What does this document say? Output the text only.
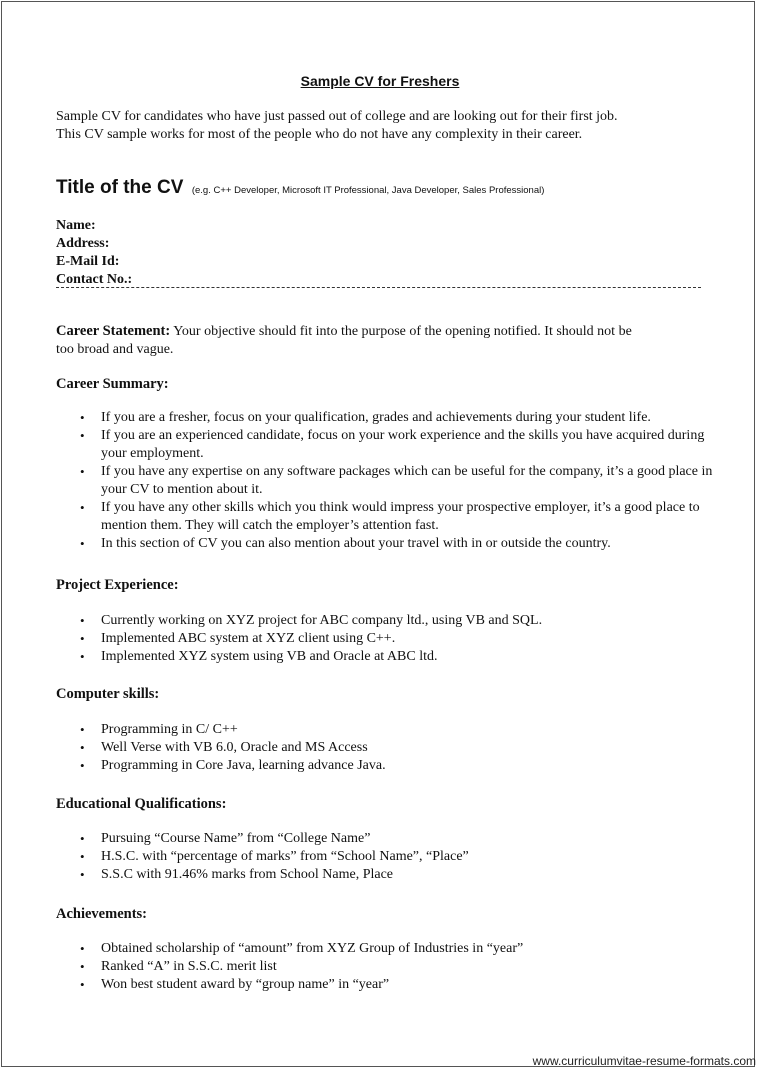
Sample CV for Freshers
Sample CV for candidates who have just passed out of college and are looking out for their first job.
This CV sample works for most of the people who do not have any complexity in their career.
Title of the CV (e.g. C++ Developer, Microsoft IT Professional, Java Developer, Sales Professional)
Name:
Address:
E-Mail Id:
Contact No.:
Career Statement: Your objective should fit into the purpose of the opening notified. It should not be
too broad and vague.
Career Summary:
• If you are a fresher, focus on your qualification, grades and achievements during your student life.
• If you are an experienced candidate, focus on your work experience and the skills you have acquired during your employment.
• If you have any expertise on any software packages which can be useful for the company, it’s a good place in your CV to mention about it.
• If you have any other skills which you think would impress your prospective employer, it’s a good place to mention them. They will catch the employer’s attention fast.
• In this section of CV you can also mention about your travel with in or outside the country.
Project Experience:
• Currently working on XYZ project for ABC company ltd., using VB and SQL.
• Implemented ABC system at XYZ client using C++.
• Implemented XYZ system using VB and Oracle at ABC ltd.
Computer skills:
• Programming in C/ C++
• Well Verse with VB 6.0, Oracle and MS Access
• Programming in Core Java, learning advance Java.
Educational Qualifications:
• Pursuing “Course Name” from “College Name”
• H.S.C. with “percentage of marks” from “School Name”, “Place”
• S.S.C with 91.46% marks from School Name, Place
Achievements:
• Obtained scholarship of “amount” from XYZ Group of Industries in “year”
• Ranked “A” in S.S.C. merit list
• Won best student award by “group name” in “year”
www.curriculumvitae-resume-formats.com
